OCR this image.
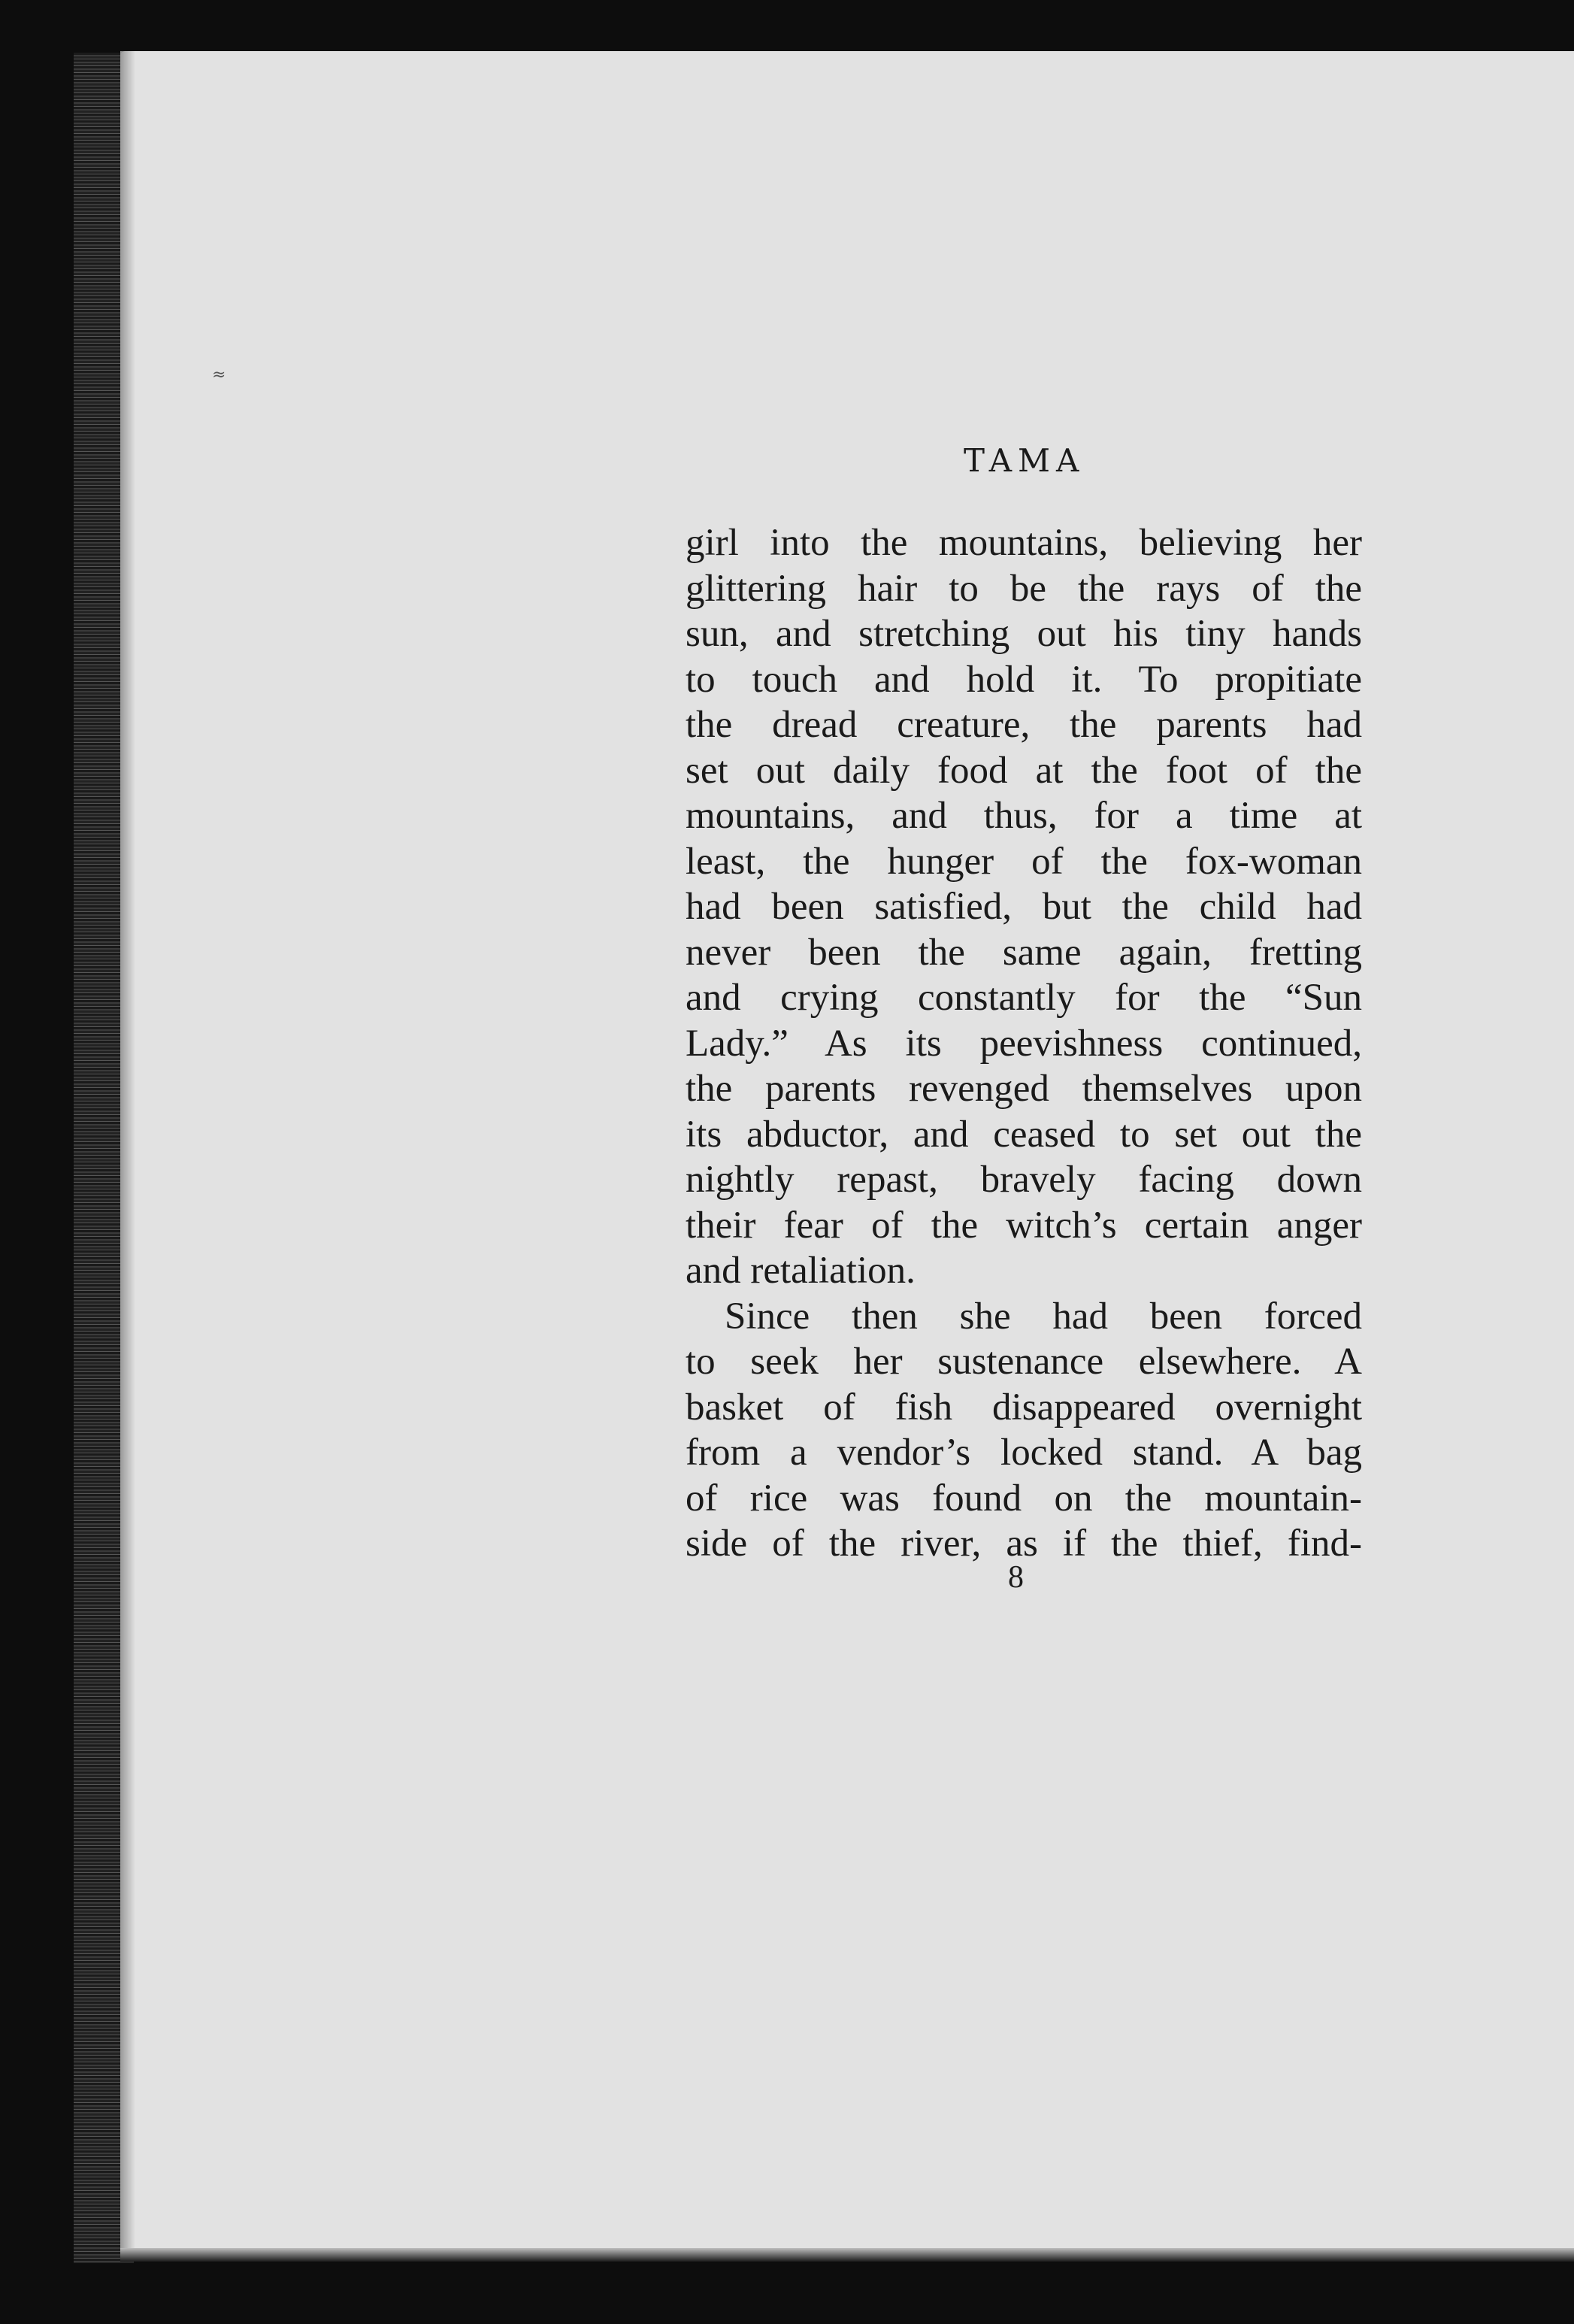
≈
TAMA
girl into the mountains, believing her
glittering hair to be the rays of the
sun, and stretching out his tiny hands
to touch and hold it. To propitiate
the dread creature, the parents had
set out daily food at the foot of the
mountains, and thus, for a time at
least, the hunger of the fox-woman
had been satisfied, but the child had
never been the same again, fretting
and crying constantly for the “Sun
Lady.” As its peevishness continued,
the parents revenged themselves upon
its abductor, and ceased to set out the
nightly repast, bravely facing down
their fear of the witch’s certain anger
and retaliation.
Since then she had been forced
to seek her sustenance elsewhere. A
basket of fish disappeared overnight
from a vendor’s locked stand. A bag
of rice was found on the mountain-
side of the river, as if the thief, find-
8
